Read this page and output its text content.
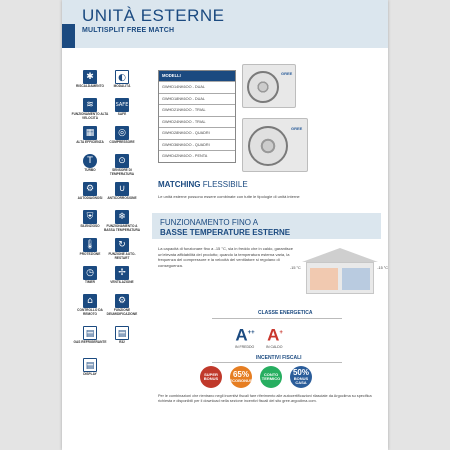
UNITÀ ESTERNE
MULTISPLIT FREE MATCH
✱
RISCALDAMENTO
≋
FUNZIONAMENTO ALTA VELOCITÀ
▦
ALTA EFFICIENZA
T
TURBO
⚙
AUTODIAGNOSI
⛨
SILENZIOSO
🌡
PROTEZIONE
◷
TIMER
⌂
CONTROLLO DA REMOTO
▤
GAS REFRIGERANTE
▤
DISPLAY
◐
MODALITÀ
SAFE
SAFE
◎
COMPRESSORE
⊙
SENSORE DI TEMPERATURA
∪
ANTICORROSIONE
❄
FUNZIONAMENTO A BASSA TEMPERATURA
↻
FUNZIONE AUTO-RESTART
✢
VENTILAZIONE
⚙
FUNZIONE DEUMIDIFICAZIONE
▤
R32
MODELLI
GWHD14NK6OO - DUAL
GWHD18NK6OO - DUAL
GWHD21NK6OO - TRIAL
GWHD24NK6OO - TRIAL
GWHD28NK6OO - QUADRI
GWHD36NK6OO - QUADRI
GWHD42NK6OO - PENTA
GREE
GREE
MATCHING FLESSIBILE
Le unità esterne possono essere combinate con tutte le tipologie di unità interne
FUNZIONAMENTO FINO A
BASSE TEMPERATURE ESTERNE
La capacità di funzionare fino a -15 °C, sia in freddo che in caldo, garantisce un'elevata affidabilità del prodotto; quando la temperatura esterna varia, la frequenza del compressore e la velocità del ventilatore si regolano di conseguenza.
-15 °C	-15 °C
CLASSE ENERGETICA
A++
IN FREDDO
A+
IN CALDO
INCENTIVI FISCALI
SUPER
BONUS 65%
ECOBONUS
CONTO
TERMICO
50%
BONUS CASA
Per le combinazioni che rientrano negli incentivi fiscali fare riferimento alle autocertificazioni rilasciate da Argoclima su specifica richiesta e disponibili per il download nella sezione incentivi fiscali del sito gree.argoclima.com.
